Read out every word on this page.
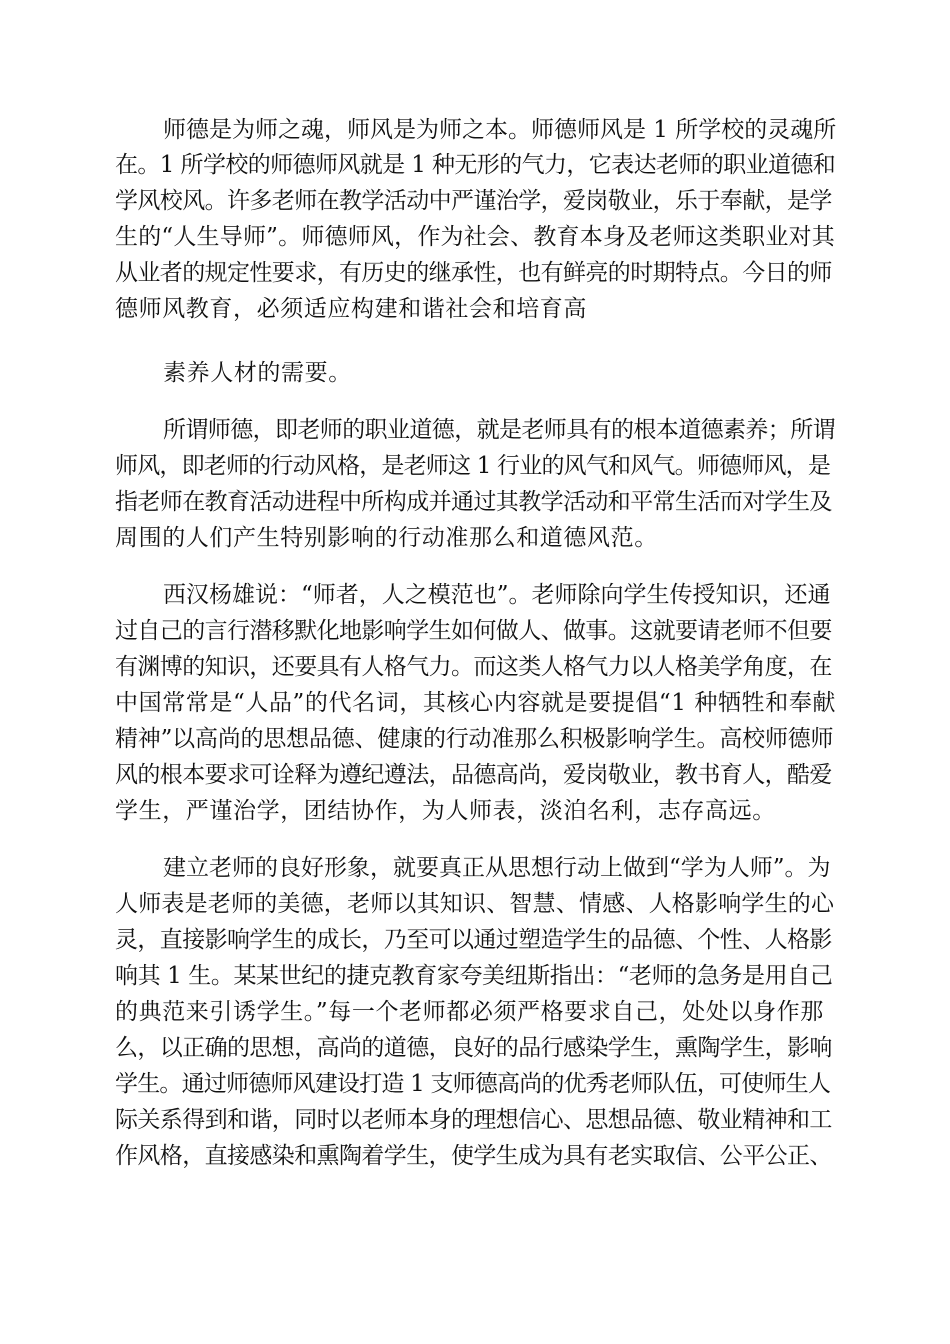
师德是为师之魂，师风是为师之本。师德师风是 1 所学校的灵魂所
在。1 所学校的师德师风就是 1 种无形的气力，它表达老师的职业道德和
学风校风。许多老师在教学活动中严谨治学，爱岗敬业，乐于奉献，是学
生的“人生导师”。师德师风，作为社会、教育本身及老师这类职业对其
从业者的规定性要求，有历史的继承性，也有鲜亮的时期特点。今日的师
德师风教育，必须适应构建和谐社会和培育高
素养人材的需要。
所谓师德，即老师的职业道德，就是老师具有的根本道德素养；所谓
师风，即老师的行动风格，是老师这 1 行业的风气和风气。师德师风，是
指老师在教育活动进程中所构成并通过其教学活动和平常生活而对学生及
周围的人们产生特别影响的行动准那么和道德风范。
西汉杨雄说：“师者，人之模范也”。老师除向学生传授知识，还通
过自己的言行潜移默化地影响学生如何做人、做事。这就要请老师不但要
有渊博的知识，还要具有人格气力。而这类人格气力以人格美学角度，在
中国常常是“人品”的代名词，其核心内容就是要提倡“1 种牺牲和奉献
精神”以高尚的思想品德、健康的行动准那么积极影响学生。高校师德师
风的根本要求可诠释为遵纪遵法，品德高尚，爱岗敬业，教书育人，酷爱
学生，严谨治学，团结协作，为人师表，淡泊名利，志存高远。
建立老师的良好形象，就要真正从思想行动上做到“学为人师”。为
人师表是老师的美德，老师以其知识、智慧、情感、人格影响学生的心
灵，直接影响学生的成长，乃至可以通过塑造学生的品德、个性、人格影
响其 1 生。某某世纪的捷克教育家夸美纽斯指出：“老师的急务是用自己
的典范来引诱学生。”每一个老师都必须严格要求自己，处处以身作那
么，以正确的思想，高尚的道德，良好的品行感染学生，熏陶学生，影响
学生。通过师德师风建设打造 1 支师德高尚的优秀老师队伍，可使师生人
际关系得到和谐，同时以老师本身的理想信心、思想品德、敬业精神和工
作风格，直接感染和熏陶着学生，使学生成为具有老实取信、公平公正、
